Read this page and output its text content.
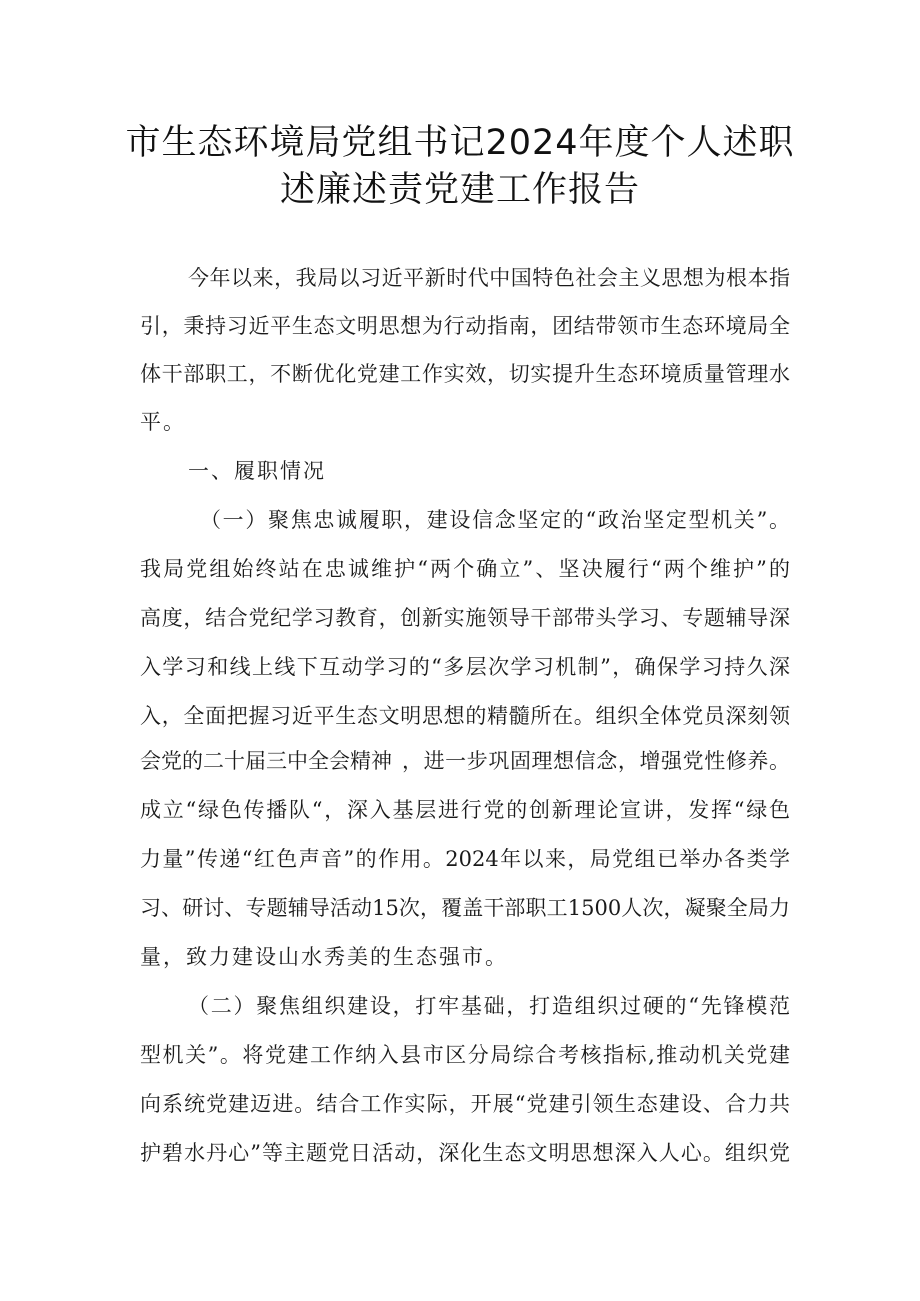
市生态环境局党组书记2024年度个人述职
述廉述责党建工作报告
今年以来，我局以习近平新时代中国特色社会主义思想为根本指
引，秉持习近平生态文明思想为行动指南，团结带领市生态环境局全
体干部职工，不断优化党建工作实效，切实提升生态环境质量管理水
平。
一、履职情况
（一）聚焦忠诚履职，建设信念坚定的“政治坚定型机关”。
我局党组始终站在忠诚维护“两个确立”、坚决履行“两个维护”的
高度，结合党纪学习教育，创新实施领导干部带头学习、专题辅导深
入学习和线上线下互动学习的“多层次学习机制”，确保学习持久深
入，全面把握习近平生态文明思想的精髓所在。组织全体党员深刻领
会党的二十届三中全会精神 ，进一步巩固理想信念，增强党性修养。
成立“绿色传播队“，深入基层进行党的创新理论宣讲，发挥“绿色
力量”传递“红色声音”的作用。2024年以来，局党组已举办各类学
习、研讨、专题辅导活动15次，覆盖干部职工1500人次，凝聚全局力
量，致力建设山水秀美的生态强市。
（二）聚焦组织建设，打牢基础，打造组织过硬的“先锋模范
型机关”。将党建工作纳入县市区分局综合考核指标,推动机关党建
向系统党建迈进。结合工作实际，开展“党建引领生态建设、合力共
护碧水丹心”等主题党日活动，深化生态文明思想深入人心。组织党
